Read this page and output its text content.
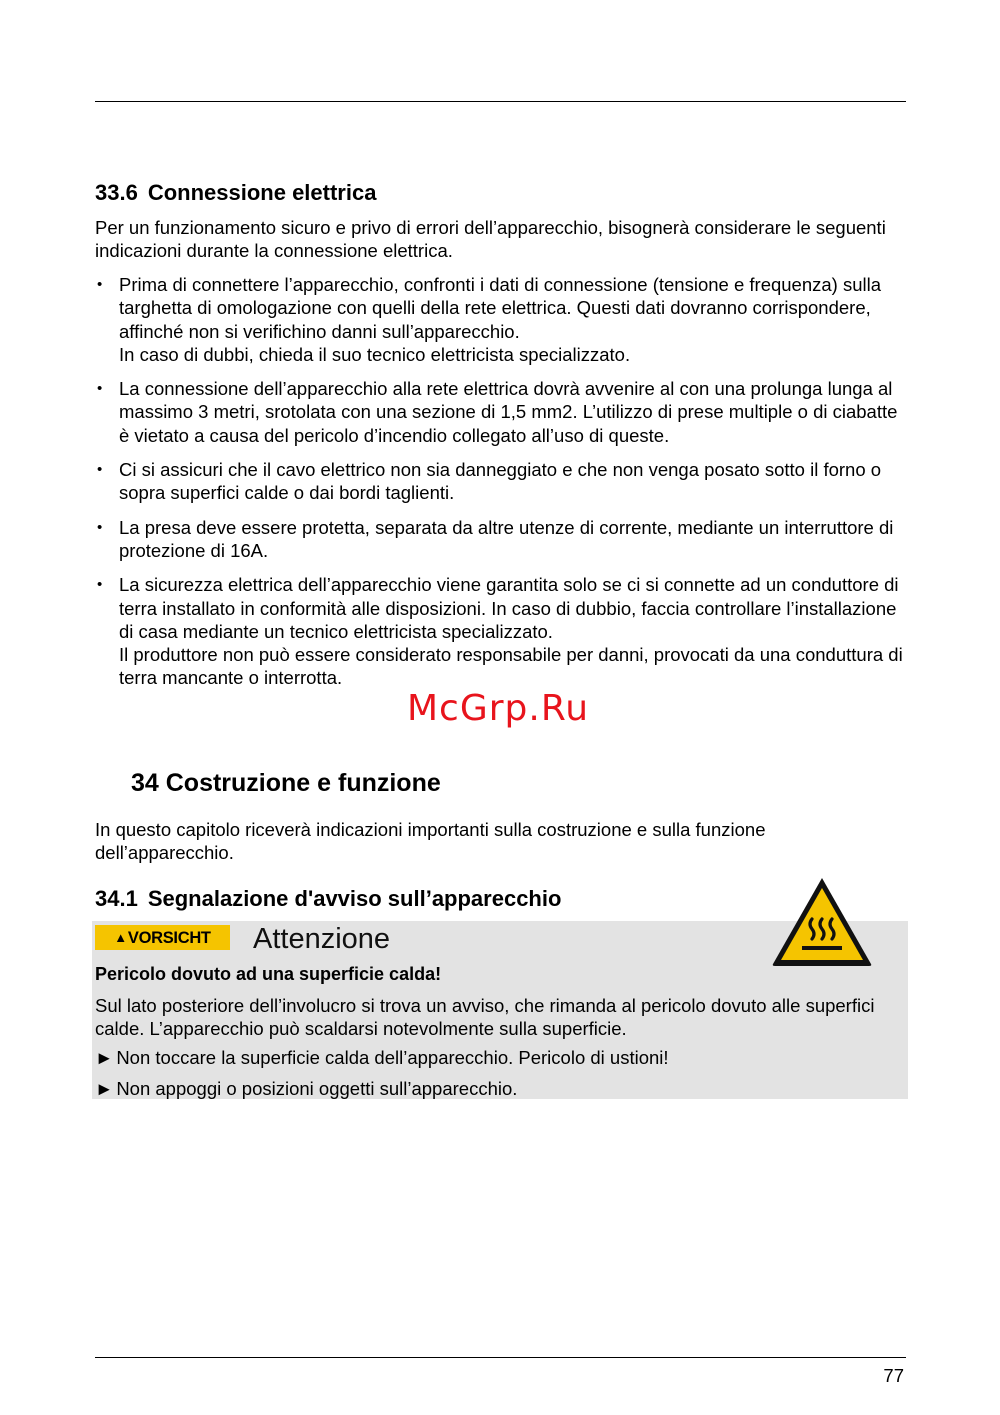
33.6 Connessione elettrica

Per un funzionamento sicuro e privo di errori dell’apparecchio, bisognerà considerare le seguenti indicazioni durante la connessione elettrica.

• Prima di connettere l’apparecchio, confronti i dati di connessione (tensione e frequenza) sulla targhetta di omologazione con quelli della rete elettrica. Questi dati dovranno corrispondere, affinché non si verifichino danni sull’apparecchio.
In caso di dubbi, chieda il suo tecnico elettricista specializzato.
• La connessione dell’apparecchio alla rete elettrica dovrà avvenire al con una prolunga lunga al massimo 3 metri, srotolata con una sezione di 1,5 mm2. L’utilizzo di prese multiple o di ciabatte è vietato a causa del pericolo d’incendio collegato all’uso di queste.
• Ci si assicuri che il cavo elettrico non sia danneggiato e che non venga posato sotto il forno o sopra superfici calde o dai bordi taglienti.
• La presa deve essere protetta, separata da altre utenze di corrente, mediante un interruttore di protezione di 16A.
• La sicurezza elettrica dell’apparecchio viene garantita solo se ci si connette ad un conduttore di terra installato in conformità alle disposizioni. In caso di dubbio, faccia controllare l’installazione di casa mediante un tecnico elettricista specializzato.
Il produttore non può essere considerato responsabile per danni, provocati da una conduttura di terra mancante o interrotta.
McGrp.Ru
34 Costruzione e funzione

In questo capitolo riceverà indicazioni importanti sulla costruzione e sulla funzione dell’apparecchio.

34.1 Segnalazione d'avviso sull’apparecchio
▲VORSICHT	Attenzione

Pericolo dovuto ad una superficie calda!

Sul lato posteriore dell’involucro si trova un avviso, che rimanda al pericolo dovuto alle superfici calde. L’apparecchio può scaldarsi notevolmente sulla superficie.

► Non toccare la superficie calda dell’apparecchio. Pericolo di ustioni!

► Non appoggi o posizioni oggetti sull’apparecchio.

77
